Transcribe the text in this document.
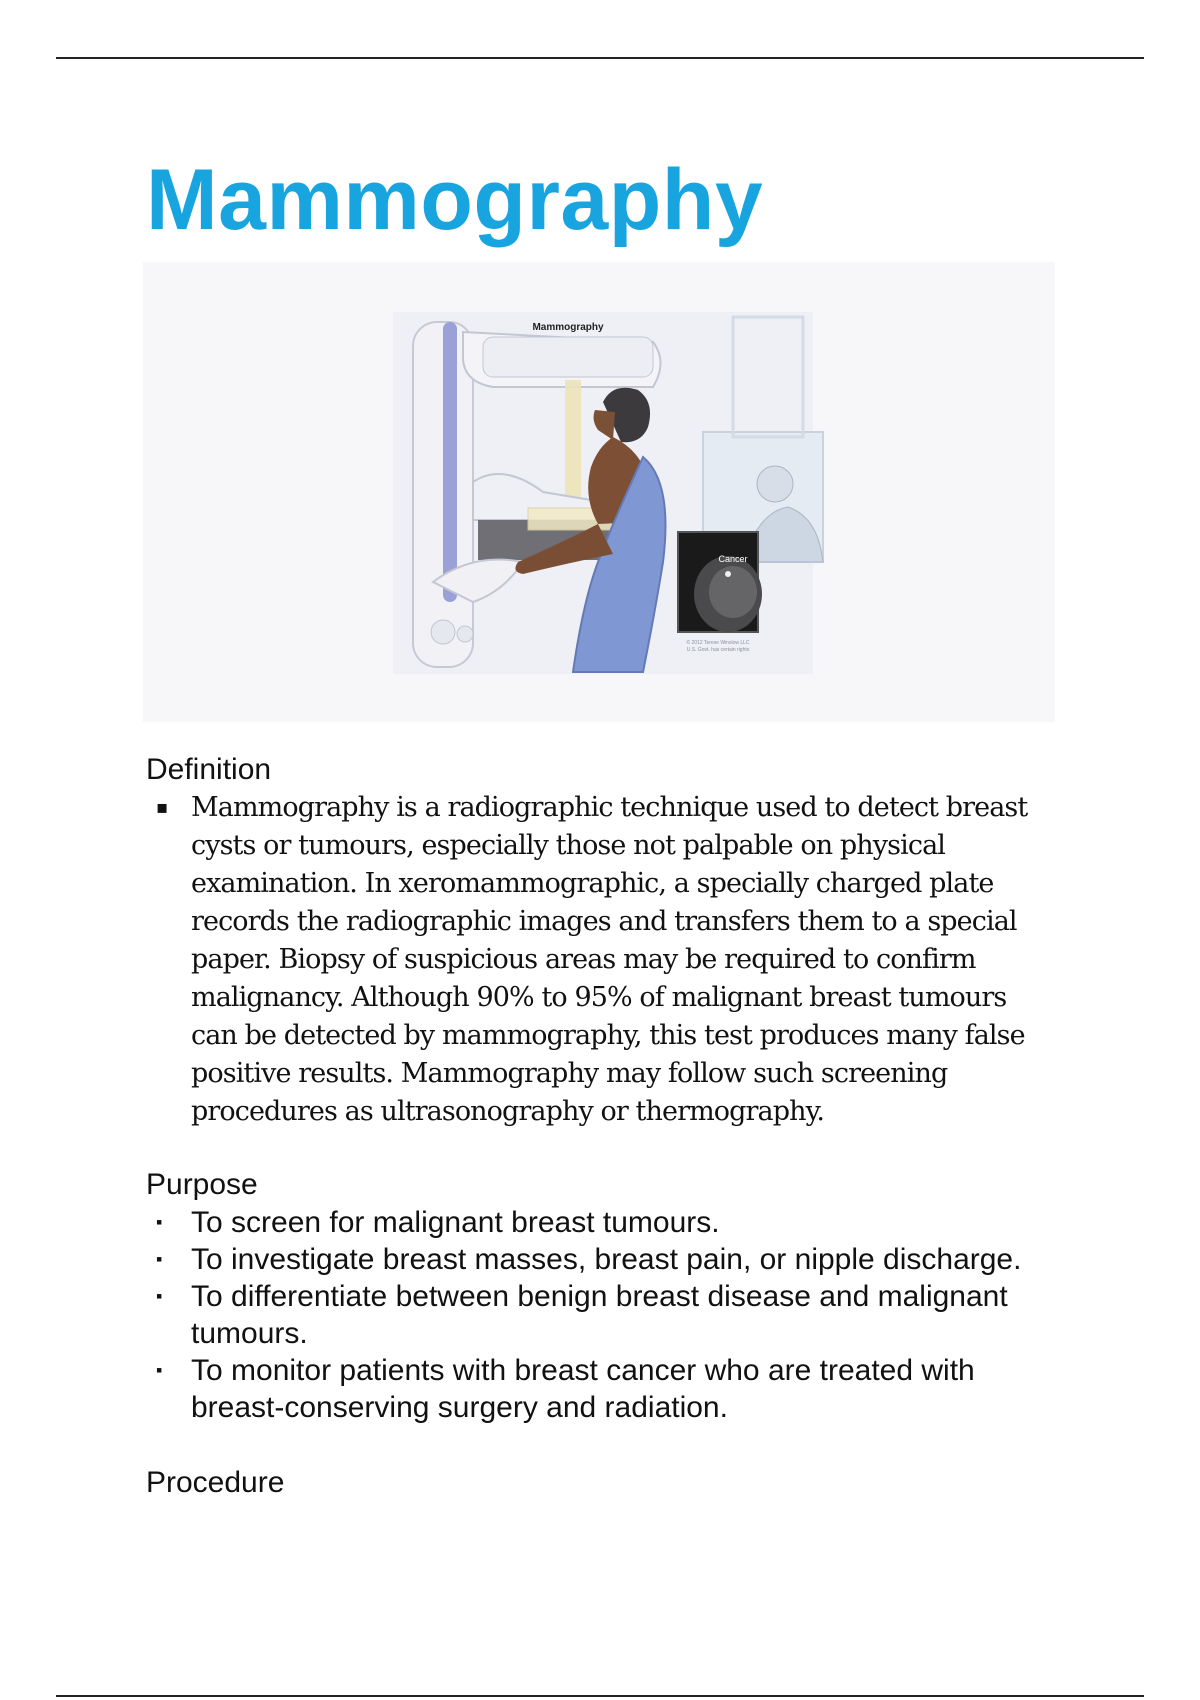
Mammography
Cancer
Mammography
© 2012 Terese Winslow LLC
U.S. Govt. has certain rights
Definition
▪ Mammography is a radiographic technique used to detect breast cysts or tumours, especially those not palpable on physical examination. In xeromammographic, a specially charged plate records the radiographic images and transfers them to a special paper. Biopsy of suspicious areas may be required to confirm malignancy. Although 90% to 95% of malignant breast tumours can be detected by mammography, this test produces many false positive results. Mammography may follow such screening procedures as ultrasonography or thermography.
Purpose
▪ To screen for malignant breast tumours.
▪ To investigate breast masses, breast pain, or nipple discharge.
▪ To differentiate between benign breast disease and malignant tumours.
▪ To monitor patients with breast cancer who are treated with breast-conserving surgery and radiation.
Procedure
